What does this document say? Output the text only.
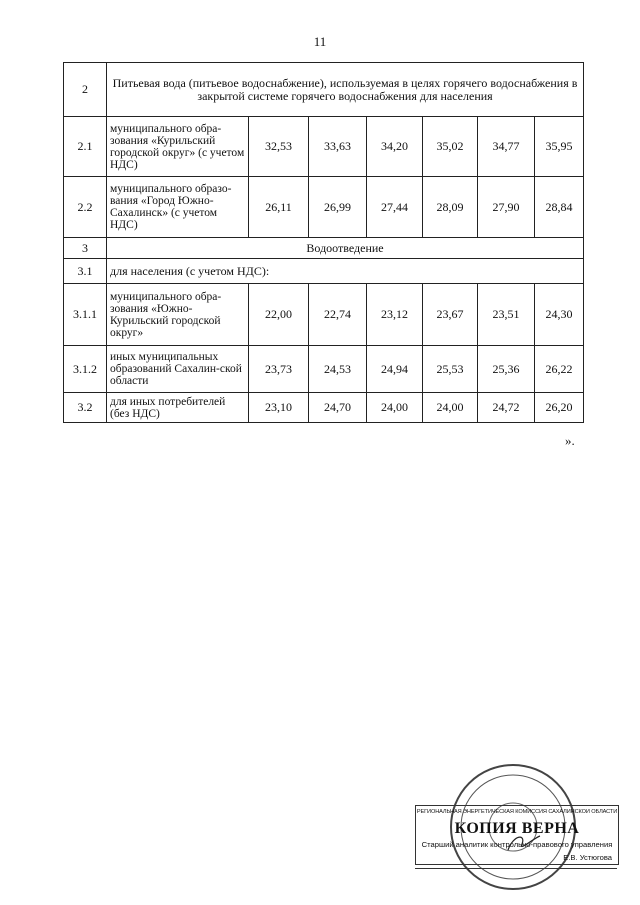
11
2	Питьевая вода (питьевое водоснабжение), используемая в целях горячего водоснабжения в закрытой системе горячего водоснабжения для населения						
2.1	муниципального обра-зования «Курильский городской округ» (с учетом НДС)	32,53	33,63	34,20	35,02	34,77	35,95
2.2	муниципального образо-вания «Город Южно-Сахалинск» (с учетом НДС)	26,11	26,99	27,44	28,09	27,90	28,84
3	Водоотведение						
3.1	для населения (с учетом НДС):						
3.1.1	муниципального обра-зования «Южно-Курильский городской округ»	22,00	22,74	23,12	23,67	23,51	24,30
3.1.2	иных муниципальных образований Сахалин-ской области	23,73	24,53	24,94	25,53	25,36	26,22
3.2	для иных потребителей (без НДС)	23,10	24,70	24,00	24,00	24,72	26,20
».
РЕГИОНАЛЬНАЯ ЭНЕРГЕТИЧЕСКАЯ КОМИССИЯ САХАЛИНСКОЙ ОБЛАСТИ
КОПИЯ ВЕРНА
Старший аналитик контрольно-правового управления
Е.В. Устюгова
